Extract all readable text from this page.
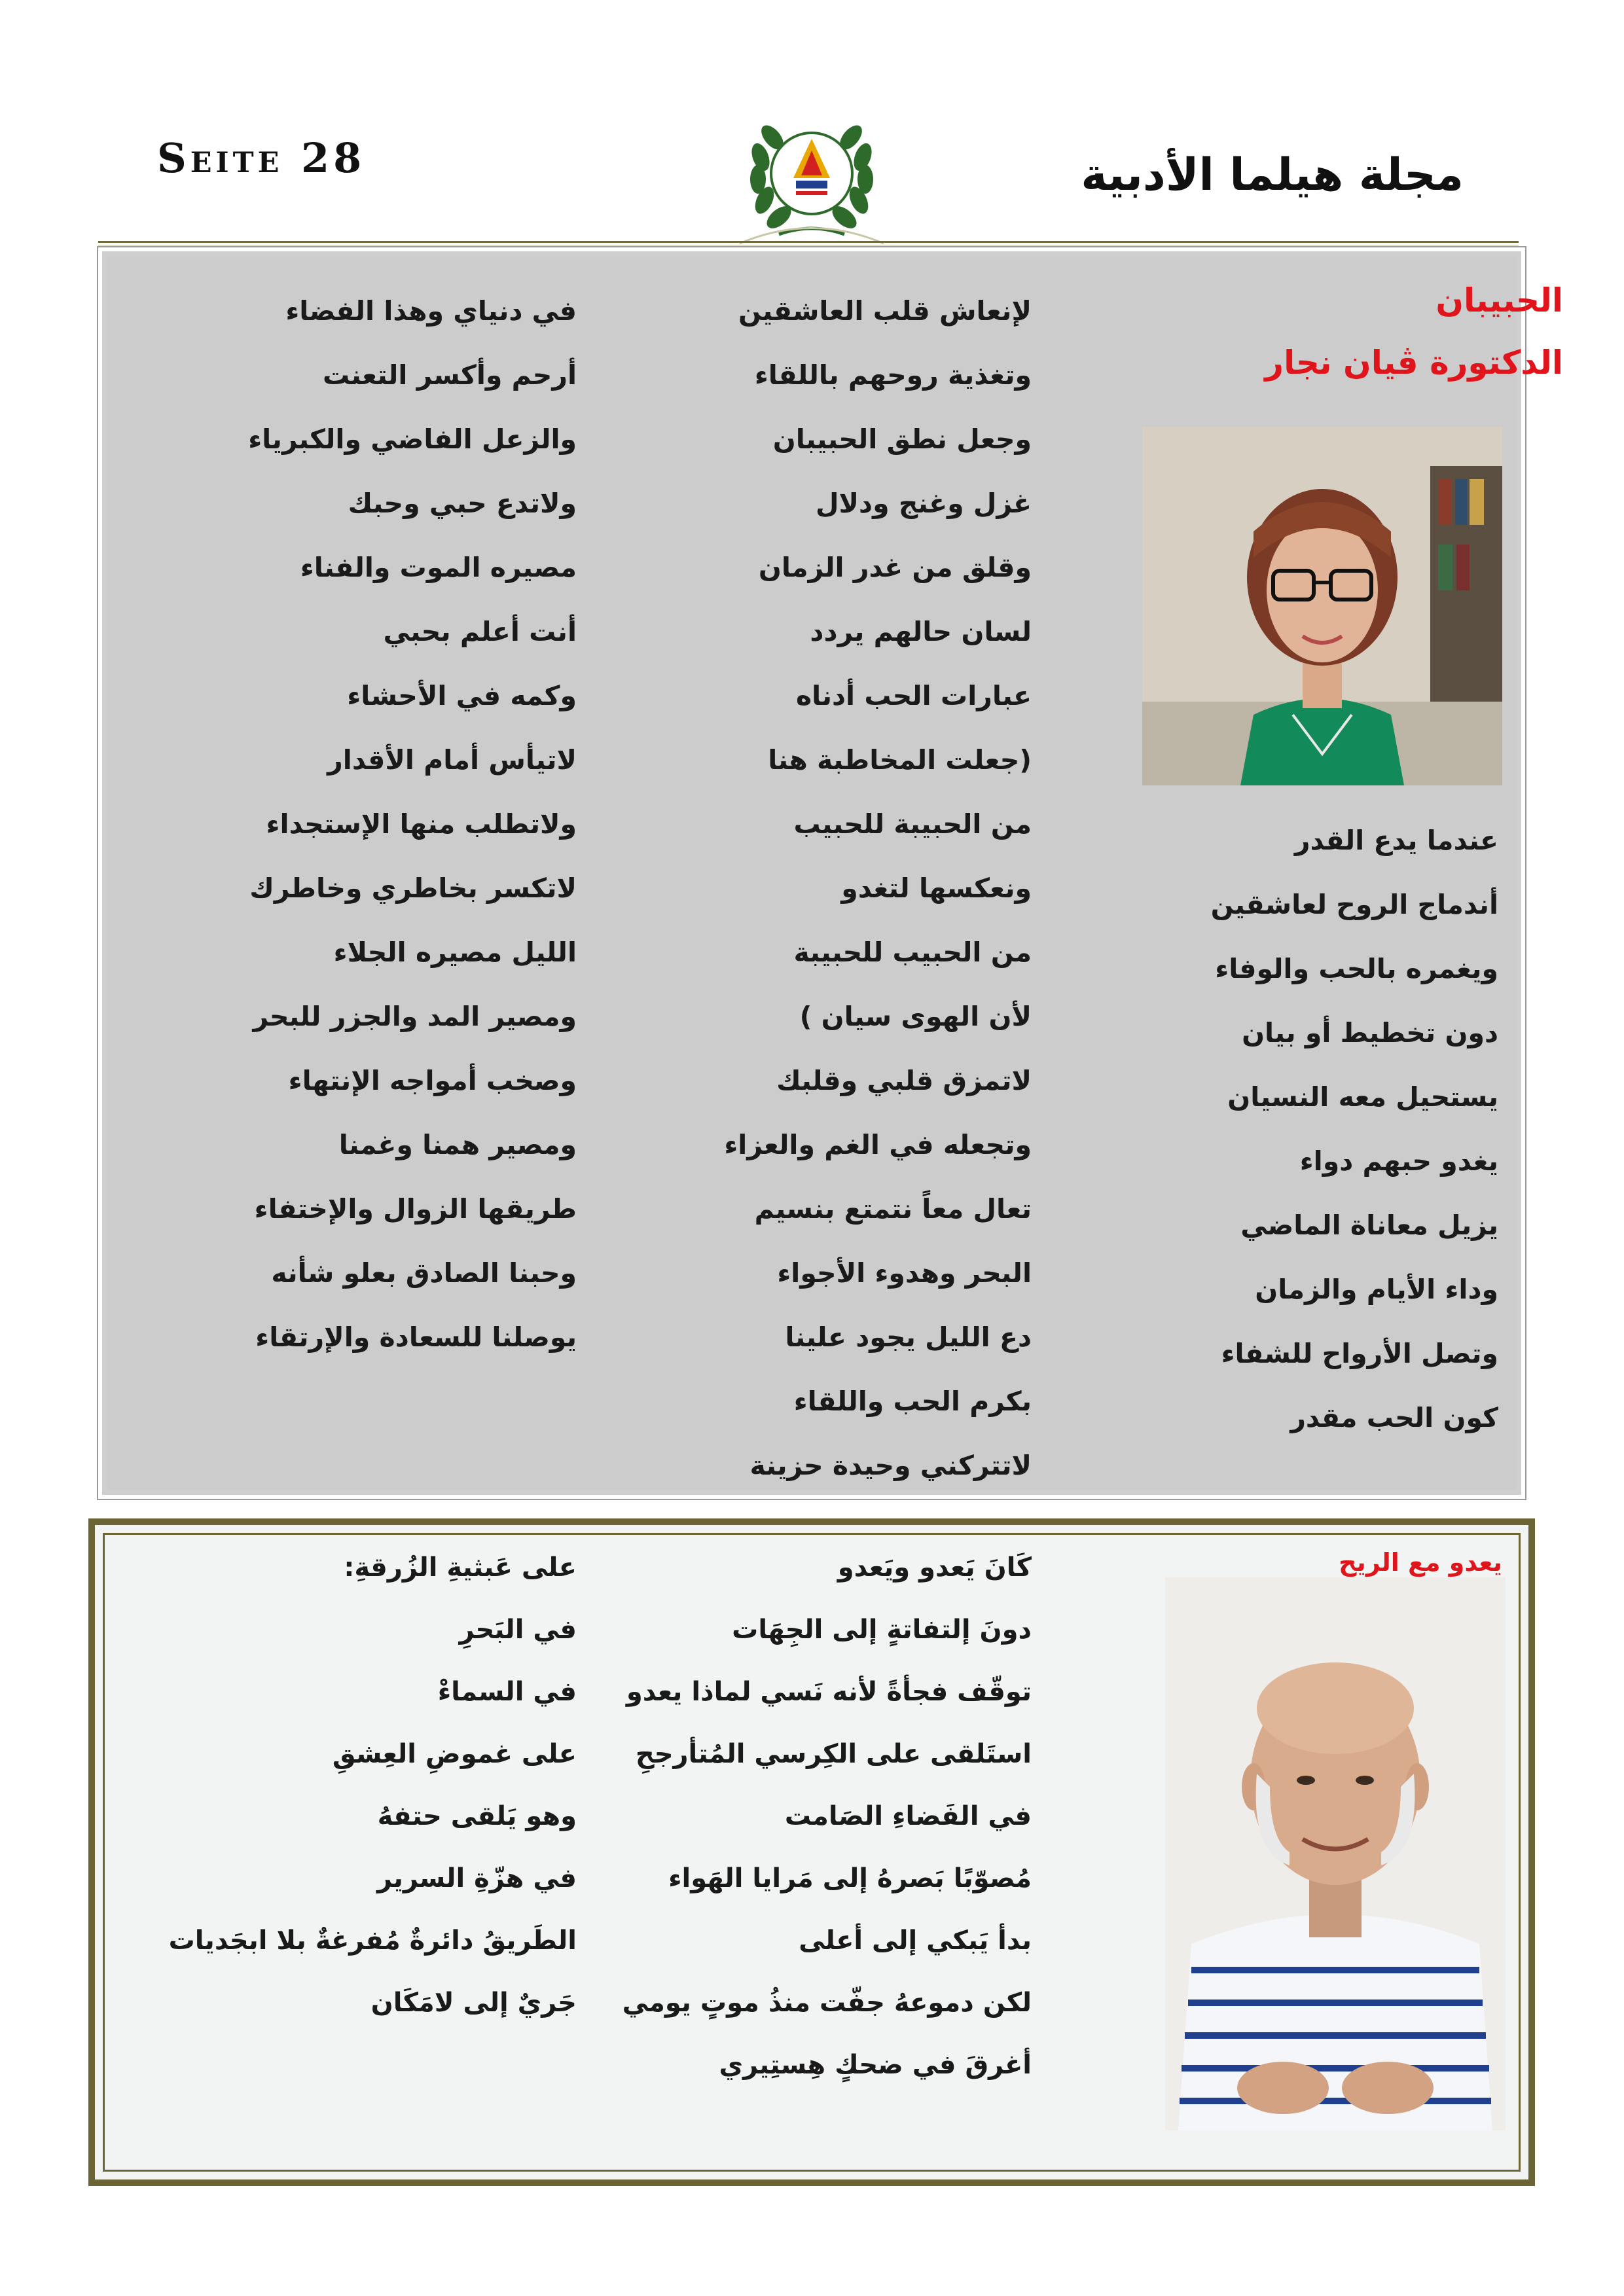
Seite 28	مجلة هيلما الأدبية
الحبيبان
الدكتورة ڤيان نجار
عندما يدع القدر
أندماج الروح لعاشقين
ويغمره بالحب والوفاء
دون تخطيط أو بيان
يستحيل معه النسيان
يغدو حبهم دواء
يزيل معاناة الماضي
وداء الأيام والزمان
وتصل الأرواح للشفاء
كون الحب مقدر
لإنعاش قلب العاشقين
وتغذية روحهم باللقاء
وجعل نطق الحبيبان
غزل وغنج ودلال
وقلق من غدر الزمان
لسان حالهم يردد
عبارات الحب أدناه
(جعلت المخاطبة هنا
من الحبيبة للحبيب
ونعكسها لتغدو
من الحبيب للحبيبة
لأن الهوى سيان )
لاتمزق قلبي وقلبك
وتجعله في الغم والعزاء
تعال معاً نتمتع بنسيم
البحر وهدوء الأجواء
دع الليل يجود علينا
بكرم الحب واللقاء
لاتتركني وحيدة حزينة
في دنياي وهذا الفضاء
أرحم وأكسر التعنت
والزعل الفاضي والكبرياء
ولاتدع حبي وحبك
مصيره الموت والفناء
أنت أعلم بحبي
وكمه في الأحشاء
لاتيأس أمام الأقدار
ولاتطلب منها الإستجداء
لاتكسر بخاطري وخاطرك
الليل مصيره الجلاء
ومصير المد والجزر للبحر
وصخب أمواجه الإنتهاء
ومصير همنا وغمنا
طريقها الزوال والإختفاء
وحبنا الصادق بعلو شأنه
يوصلنا للسعادة والإرتقاء
يعدو مع الريح
كَانَ يَعدو ويَعدو
دونَ إلتفاتةٍ إلى الجِهَات
توقّف فجأةً لأنه نَسي لماذا يعدو
استَلقى على الكِرسي المُتأرجحِ
في الفَضاءِ الصَامت
مُصوّبًا بَصرهُ إلى مَرايا الهَواء
بدأ يَبكي إلى أعلى
لكن دموعهُ جفّت منذُ موتٍ يومي
أغرقَ في ضحكٍ هِستِيري
على عَبثيةِ الزُرقةِ:
في البَحرِ
في السماءْ
على غموضِ العِشقِ
وهو يَلقى حتفهُ
في هزّةِ السرير
الطَريقُ دائرةٌ مُفرغةٌ بلا ابجَديات
جَريٌ إلى لامَكَان
